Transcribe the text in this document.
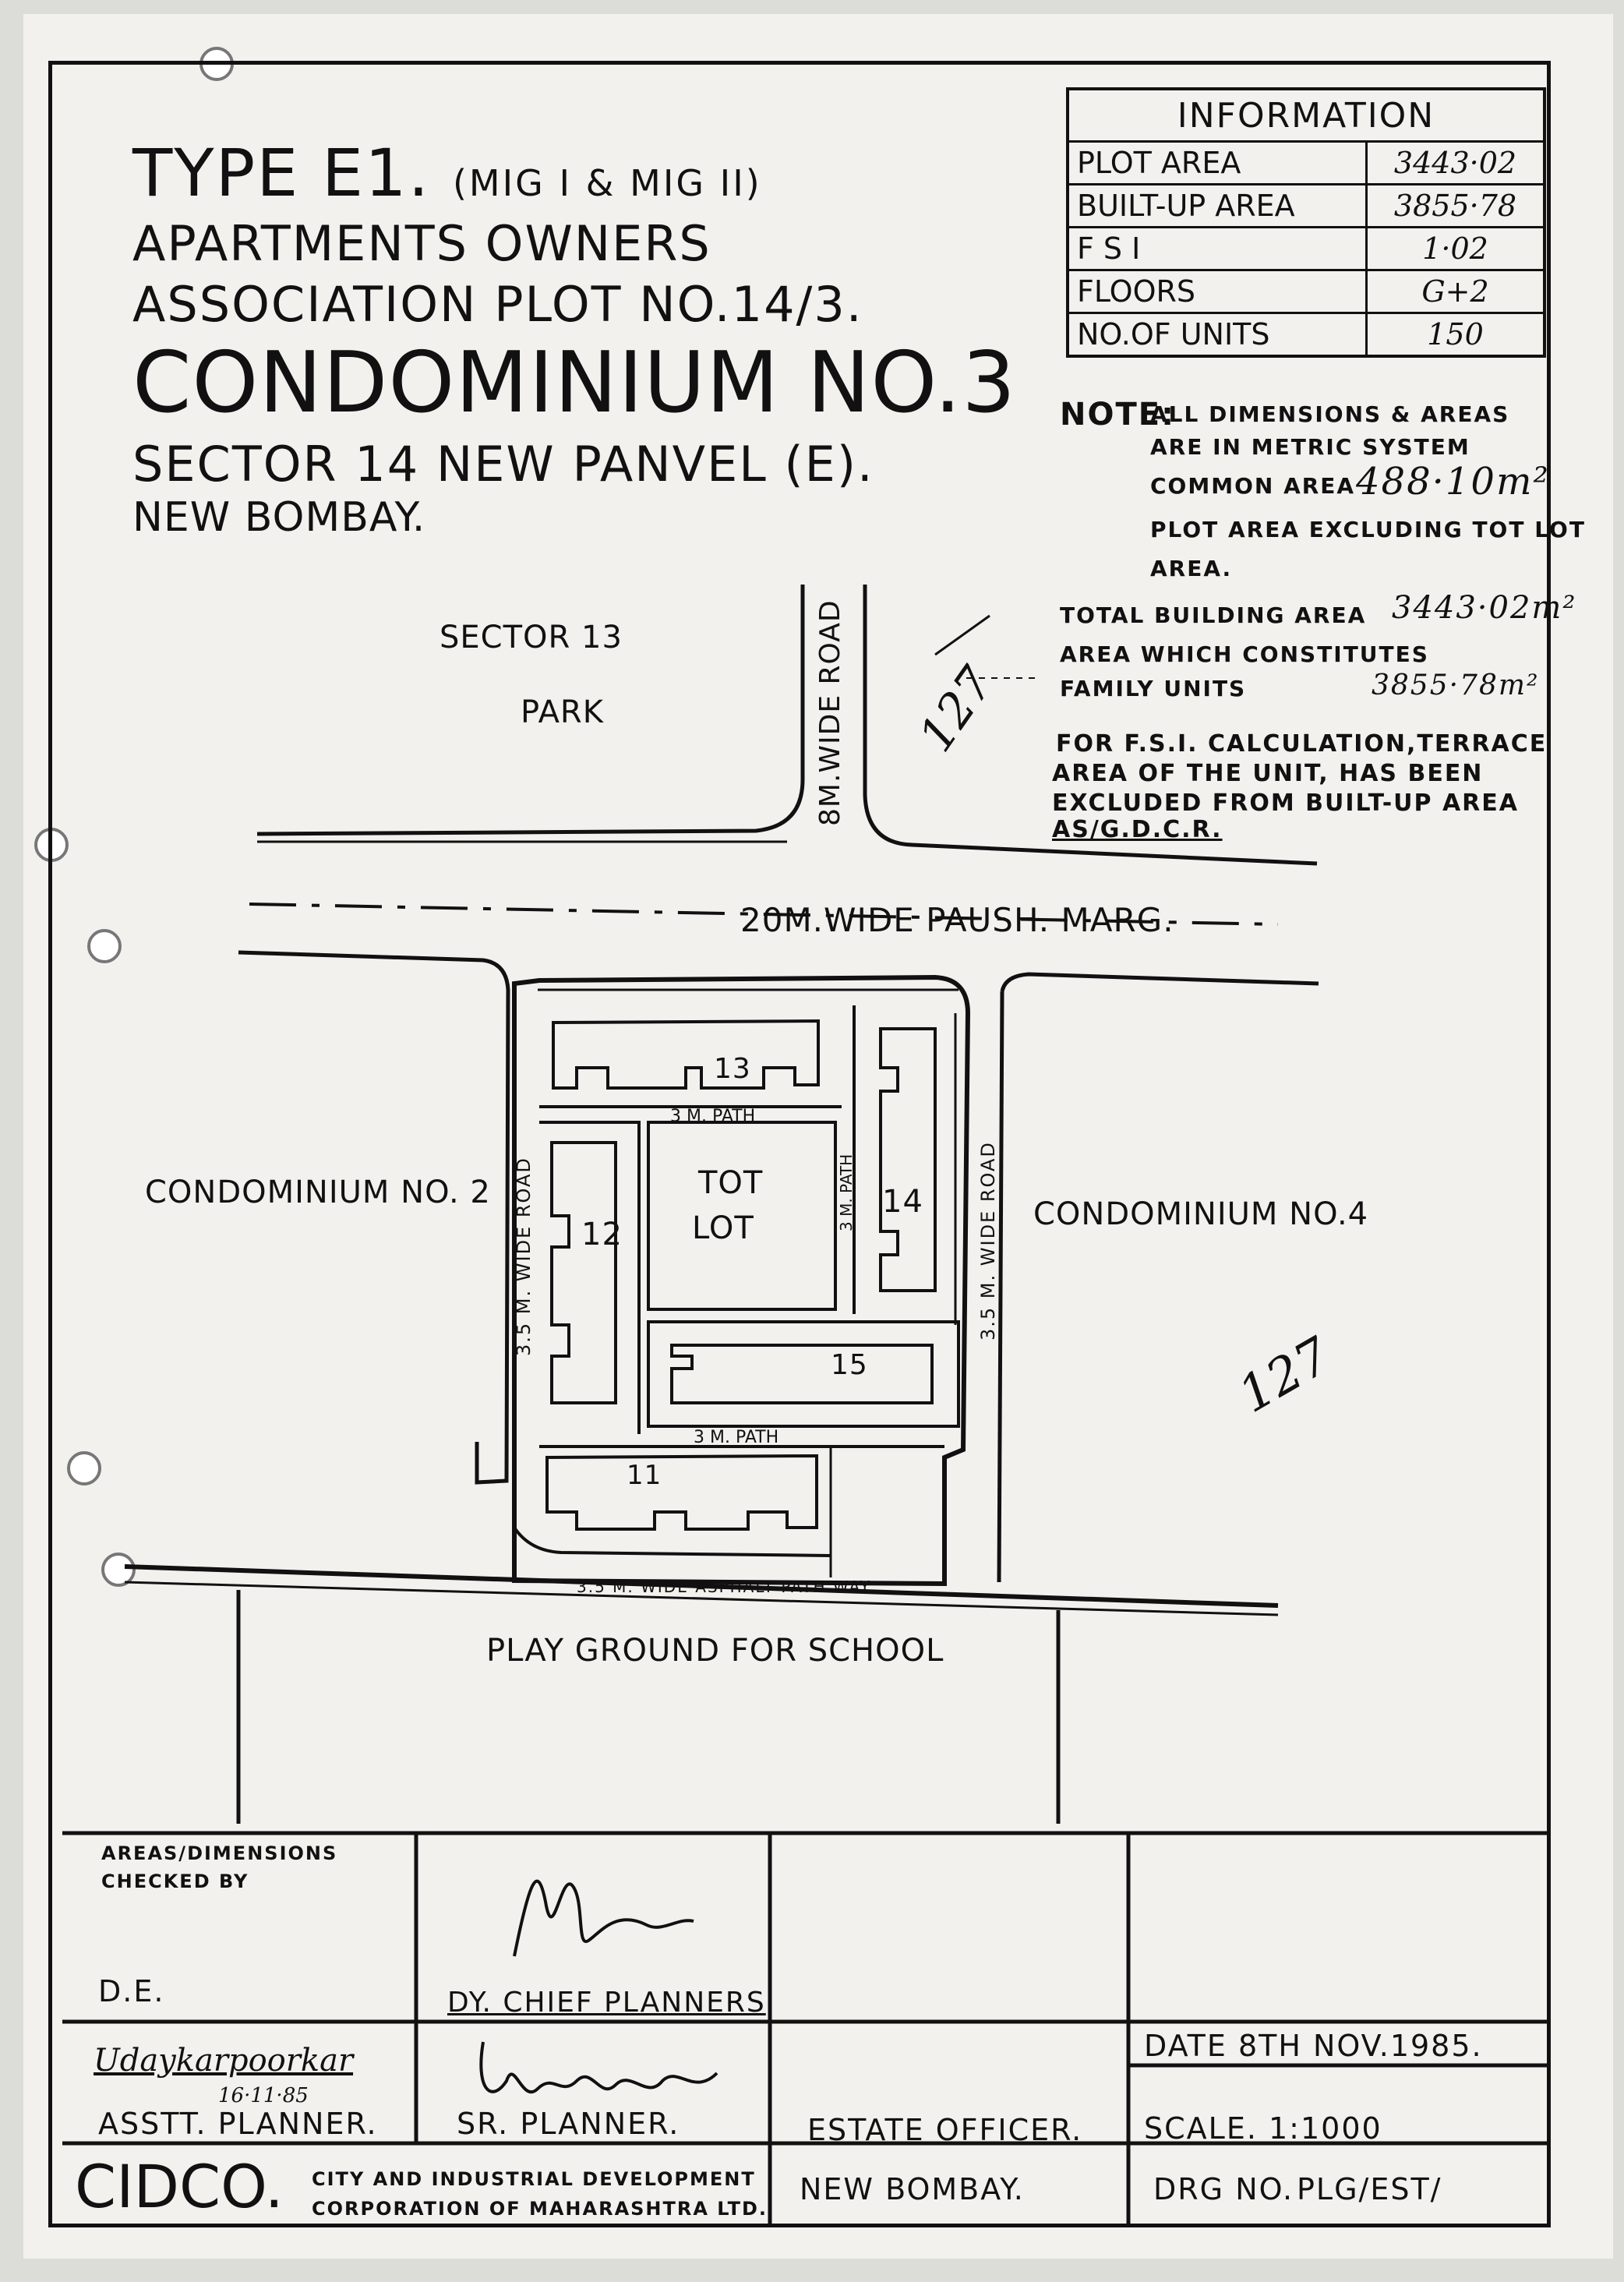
TYPE E1. (MIG I & MIG II)
APARTMENTS OWNERS
ASSOCIATION PLOT NO.14/3.
CONDOMINIUM NO.3
SECTOR 14 NEW PANVEL (E).
NEW BOMBAY.
INFORMATION	
PLOT AREA	3443·02
BUILT-UP AREA	3855·78
F S I	1·02
FLOORS	G+2
NO.OF UNITS	150
NOTE:
ALL DIMENSIONS & AREAS
ARE IN METRIC SYSTEM
COMMON AREA 488·10m²
PLOT AREA EXCLUDING TOT LOT
AREA.
TOTAL BUILDING AREA 3443·02m²
AREA WHICH CONSTITUTES
FAMILY UNITS	3855·78m²
FOR F.S.I. CALCULATION,TERRACE
AREA OF THE UNIT, HAS BEEN
EXCLUDED FROM BUILT-UP AREA
AS/G.D.C.R.
SECTOR 13
PARK	8M.WIDE ROAD
20M.WIDE PAUSH. MARG.
CONDOMINIUM NO. 2
CONDOMINIUM NO.4
3.5 M. WIDE ROAD	3.5 M. WIDE ROAD
3 M. PATH
3 M. PATH
3 M. PATH
3.5 M. WIDE ASPHALT PATH WAY
PLAY GROUND FOR SCHOOL
TOT
LOT
11
12
13
14
15
127
127
AREAS/DIMENSIONS
CHECKED BY
D.E.	DY. CHIEF PLANNERS
Udaykarpoorkar
16·11·85
ASSTT. PLANNER.	SR. PLANNER.	ESTATE OFFICER.
DATE 8TH NOV.1985.
SCALE. 1:1000
CIDCO. CITY AND INDUSTRIAL DEVELOPMENT
CORPORATION OF MAHARASHTRA LTD.
NEW BOMBAY.	DRG NO. PLG/EST/
